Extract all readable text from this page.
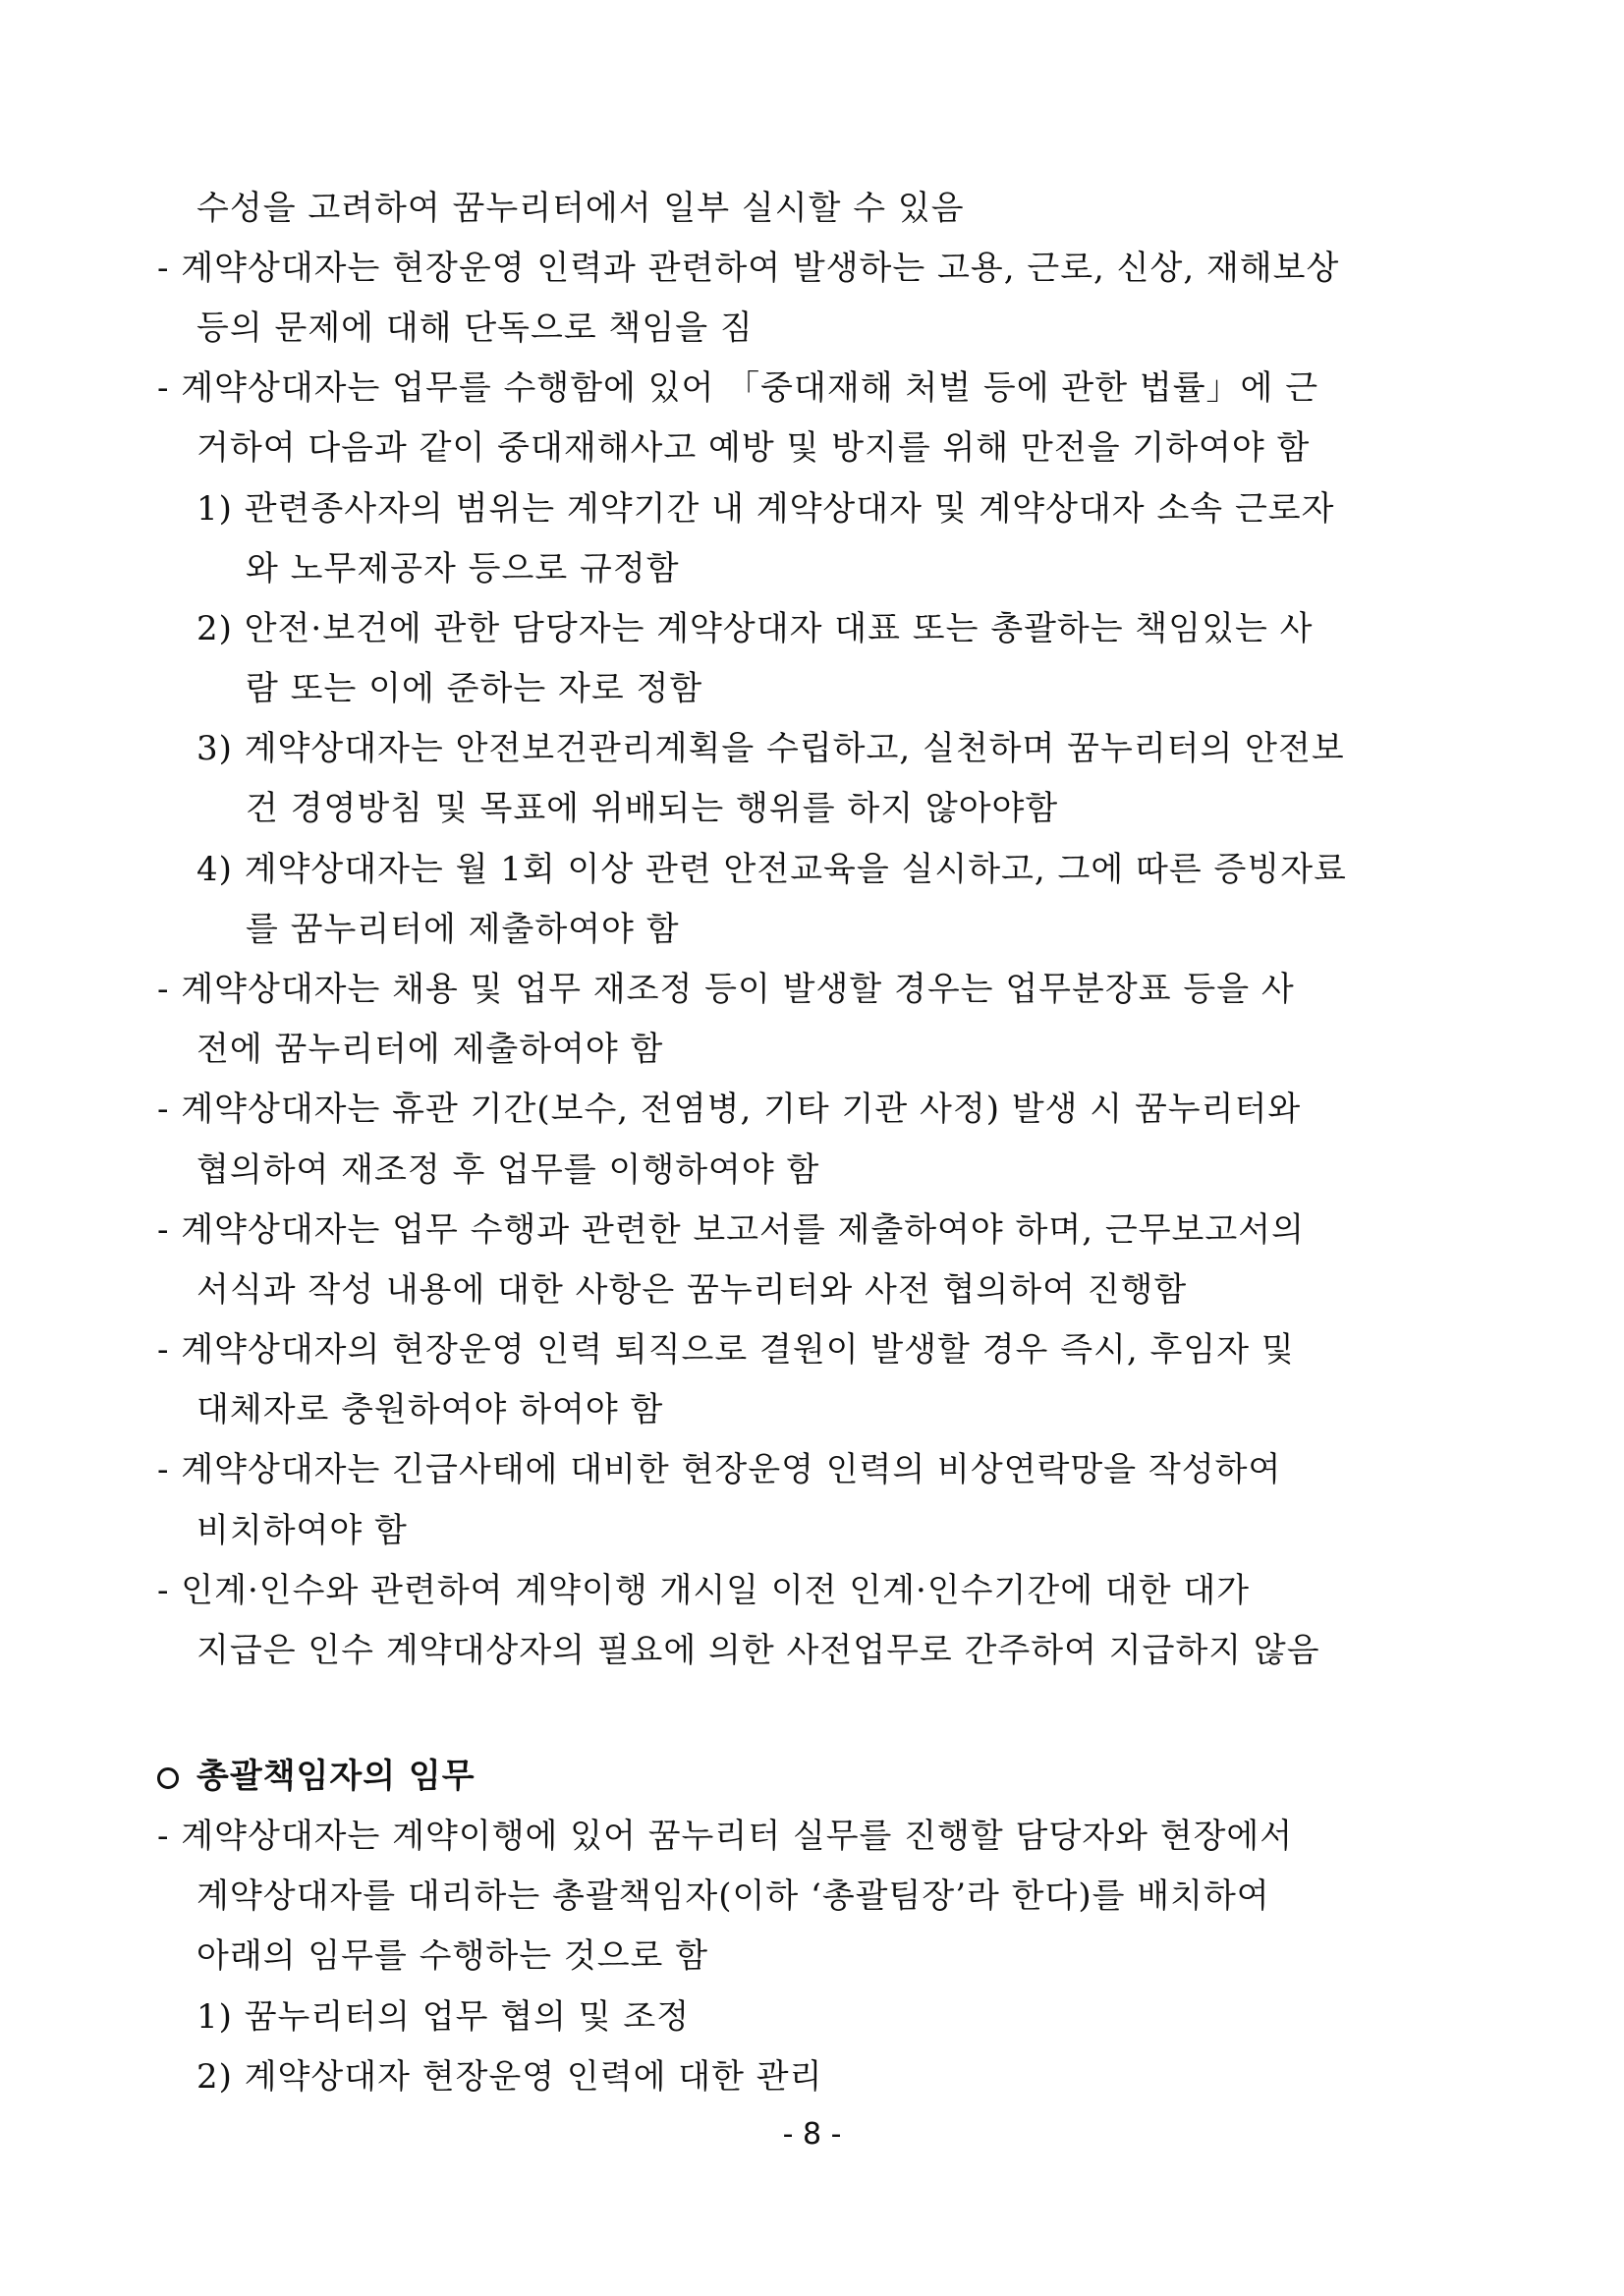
수성을 고려하여 꿈누리터에서 일부 실시할 수 있음
- 계약상대자는 현장운영 인력과 관련하여 발생하는 고용, 근로, 신상, 재해보상
등의 문제에 대해 단독으로 책임을 짐
- 계약상대자는 업무를 수행함에 있어 「중대재해 처벌 등에 관한 법률」에 근
거하여 다음과 같이 중대재해사고 예방 및 방지를 위해 만전을 기하여야 함
1) 관련종사자의 범위는 계약기간 내 계약상대자 및 계약상대자 소속 근로자
와 노무제공자 등으로 규정함
2) 안전·보건에 관한 담당자는 계약상대자 대표 또는 총괄하는 책임있는 사
람 또는 이에 준하는 자로 정함
3) 계약상대자는 안전보건관리계획을 수립하고, 실천하며 꿈누리터의 안전보
건 경영방침 및 목표에 위배되는 행위를 하지 않아야함
4) 계약상대자는 월 1회 이상 관련 안전교육을 실시하고, 그에 따른 증빙자료
를 꿈누리터에 제출하여야 함
- 계약상대자는 채용 및 업무 재조정 등이 발생할 경우는 업무분장표 등을 사
전에 꿈누리터에 제출하여야 함
- 계약상대자는 휴관 기간(보수, 전염병, 기타 기관 사정) 발생 시 꿈누리터와
협의하여 재조정 후 업무를 이행하여야 함
- 계약상대자는 업무 수행과 관련한 보고서를 제출하여야 하며, 근무보고서의
서식과 작성 내용에 대한 사항은 꿈누리터와 사전 협의하여 진행함
- 계약상대자의 현장운영 인력 퇴직으로 결원이 발생할 경우 즉시, 후임자 및
대체자로 충원하여야 하여야 함
- 계약상대자는 긴급사태에 대비한 현장운영 인력의 비상연락망을 작성하여
비치하여야 함
- 인계·인수와 관련하여 계약이행 개시일 이전 인계·인수기간에 대한 대가
지급은 인수 계약대상자의 필요에 의한 사전업무로 간주하여 지급하지 않음
총괄책임자의 임무
- 계약상대자는 계약이행에 있어 꿈누리터 실무를 진행할 담당자와 현장에서
계약상대자를 대리하는 총괄책임자(이하 ‘총괄팀장’라 한다)를 배치하여
아래의 임무를 수행하는 것으로 함
1) 꿈누리터의 업무 협의 및 조정
2) 계약상대자 현장운영 인력에 대한 관리
- 8 -
